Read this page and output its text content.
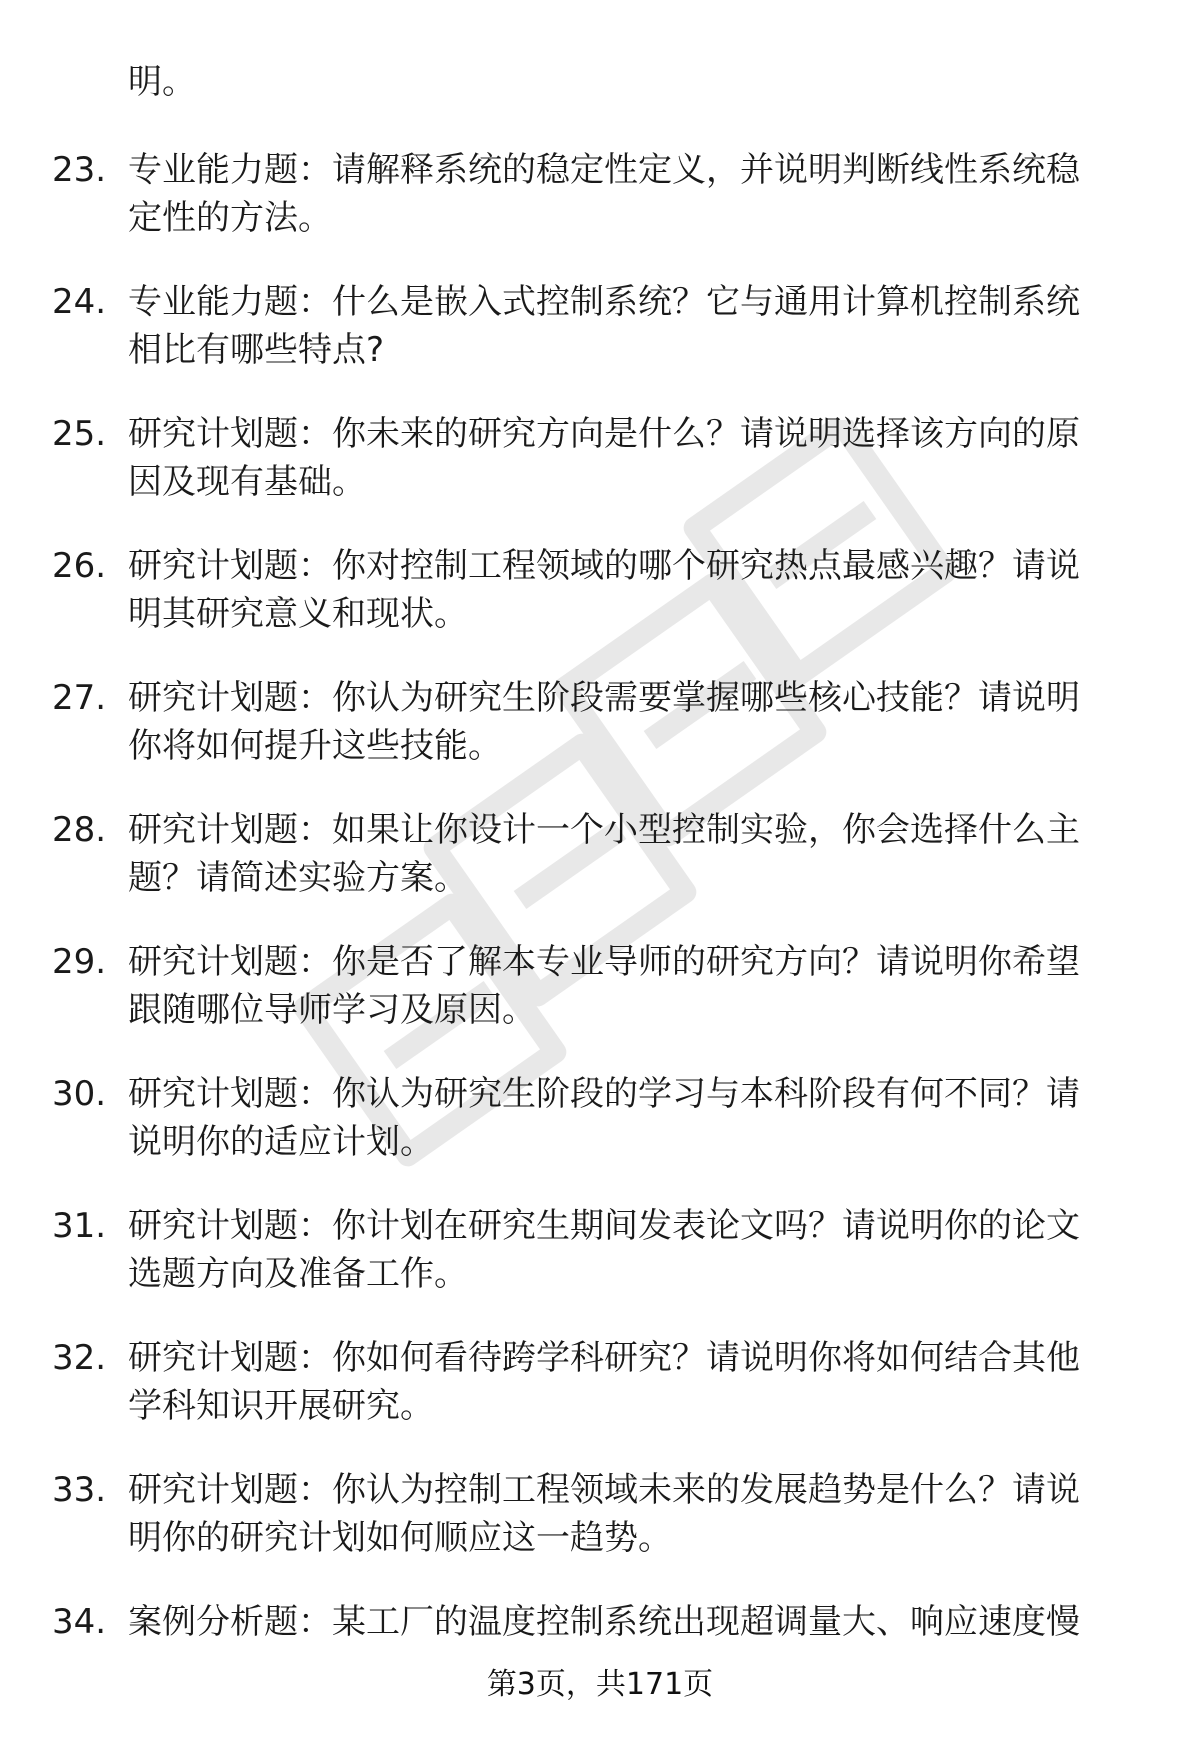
明。
23. 专业能力题：请解释系统的稳定性定义，并说明判断线性系统稳
定性的方法。
24. 专业能力题：什么是嵌入式控制系统？它与通用计算机控制系统
相比有哪些特点?
25. 研究计划题：你未来的研究方向是什么？请说明选择该方向的原
因及现有基础。
26. 研究计划题：你对控制工程领域的哪个研究热点最感兴趣？请说
明其研究意义和现状。
27. 研究计划题：你认为研究生阶段需要掌握哪些核心技能？请说明
你将如何提升这些技能。
28. 研究计划题：如果让你设计一个小型控制实验，你会选择什么主
题？请简述实验方案。
29. 研究计划题：你是否了解本专业导师的研究方向？请说明你希望
跟随哪位导师学习及原因。
30. 研究计划题：你认为研究生阶段的学习与本科阶段有何不同？请
说明你的适应计划。
31. 研究计划题：你计划在研究生期间发表论文吗？请说明你的论文
选题方向及准备工作。
32. 研究计划题：你如何看待跨学科研究？请说明你将如何结合其他
学科知识开展研究。
33. 研究计划题：你认为控制工程领域未来的发展趋势是什么？请说
明你的研究计划如何顺应这一趋势。
34. 案例分析题：某工厂的温度控制系统出现超调量大、响应速度慢
第3页，共171页
